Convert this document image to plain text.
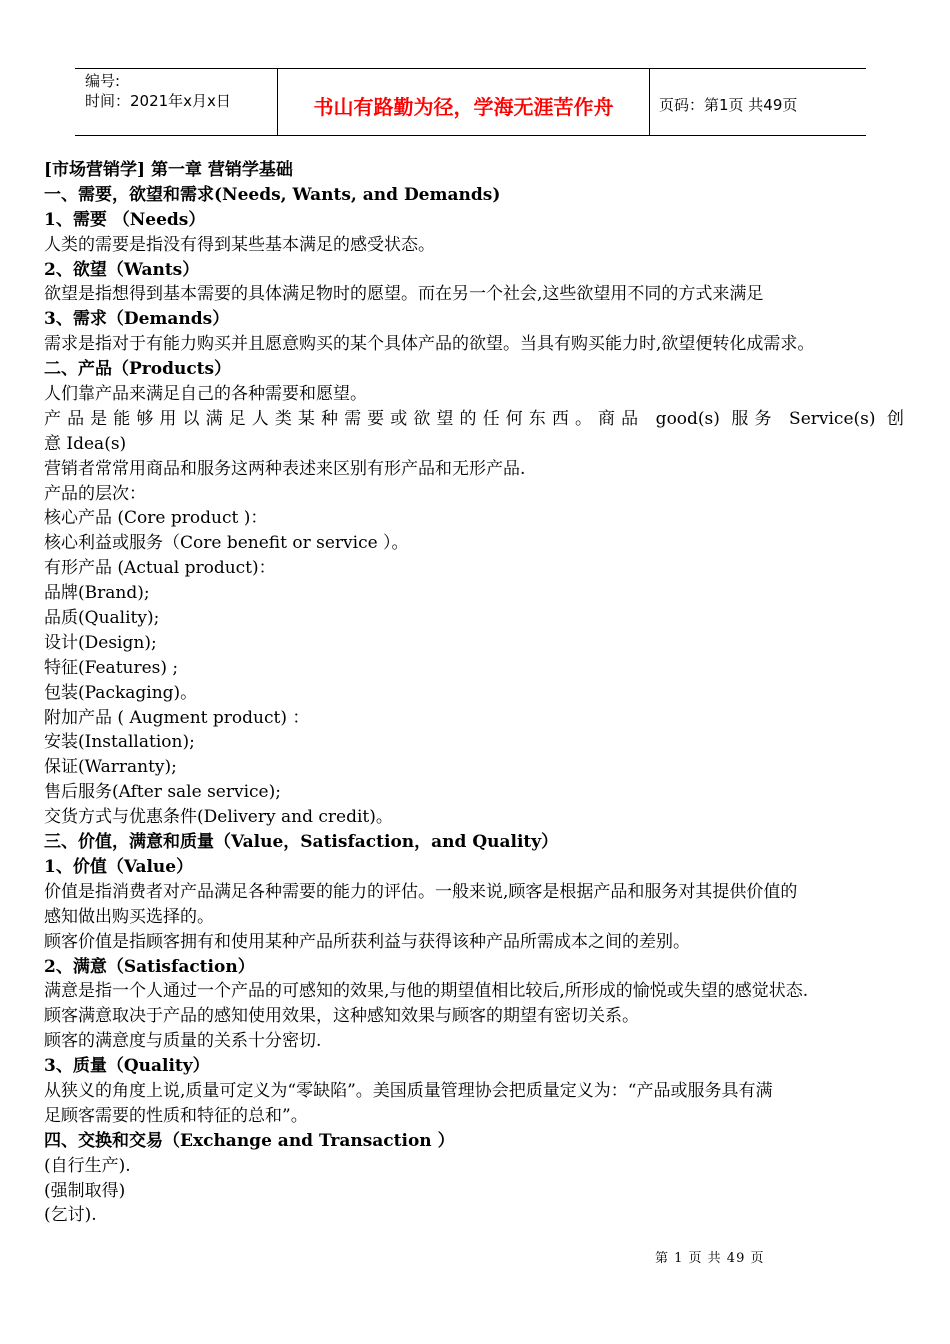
编号:
时间：2021年x月x日	书山有路勤为径，学海无涯苦作舟	页码：第1页 共49页
[市场营销学] 第一章 营销学基础
一、需要，欲望和需求(Needs, Wants, and Demands)
1、需要 （Needs）
人类的需要是指没有得到某些基本满足的感受状态。
2、欲望（Wants）
欲望是指想得到基本需要的具体满足物时的愿望。而在另一个社会,这些欲望用不同的方式来满足
3、需求（Demands）
需求是指对于有能力购买并且愿意购买的某个具体产品的欲望。当具有购买能力时,欲望便转化成需求。
二、产品（Products）
人们靠产品来满足自己的各种需要和愿望。
产品是能够用以满足人类某种需要或欲望的任何东西。商品 good(s) 服务 Service(s) 创
意 Idea(s)
营销者常常用商品和服务这两种表述来区别有形产品和无形产品.
产品的层次：
核心产品 (Core product )：
核心利益或服务（Core benefit or service ）。
有形产品 (Actual product)：
品牌(Brand);
品质(Quality);
设计(Design);
特征(Features) ;
包装(Packaging)。
附加产品 ( Augment product) ：
安装(Installation);
保证(Warranty);
售后服务(After sale service);
交货方式与优惠条件(Delivery and credit)。
三、价值，满意和质量（Value，Satisfaction，and Quality）
1、价值（Value）
价值是指消费者对产品满足各种需要的能力的评估。一般来说,顾客是根据产品和服务对其提供价值的
感知做出购买选择的。
顾客价值是指顾客拥有和使用某种产品所获利益与获得该种产品所需成本之间的差别。
2、满意（Satisfaction）
满意是指一个人通过一个产品的可感知的效果,与他的期望值相比较后,所形成的愉悦或失望的感觉状态.
顾客满意取决于产品的感知使用效果，这种感知效果与顾客的期望有密切关系。
顾客的满意度与质量的关系十分密切.
3、质量（Quality）
从狭义的角度上说,质量可定义为“零缺陷”。美国质量管理协会把质量定义为：“产品或服务具有满
足顾客需要的性质和特征的总和”。
四、交换和交易（Exchange and Transaction ）
(自行生产).
(强制取得)
(乞讨).
第 1 页 共 49 页
